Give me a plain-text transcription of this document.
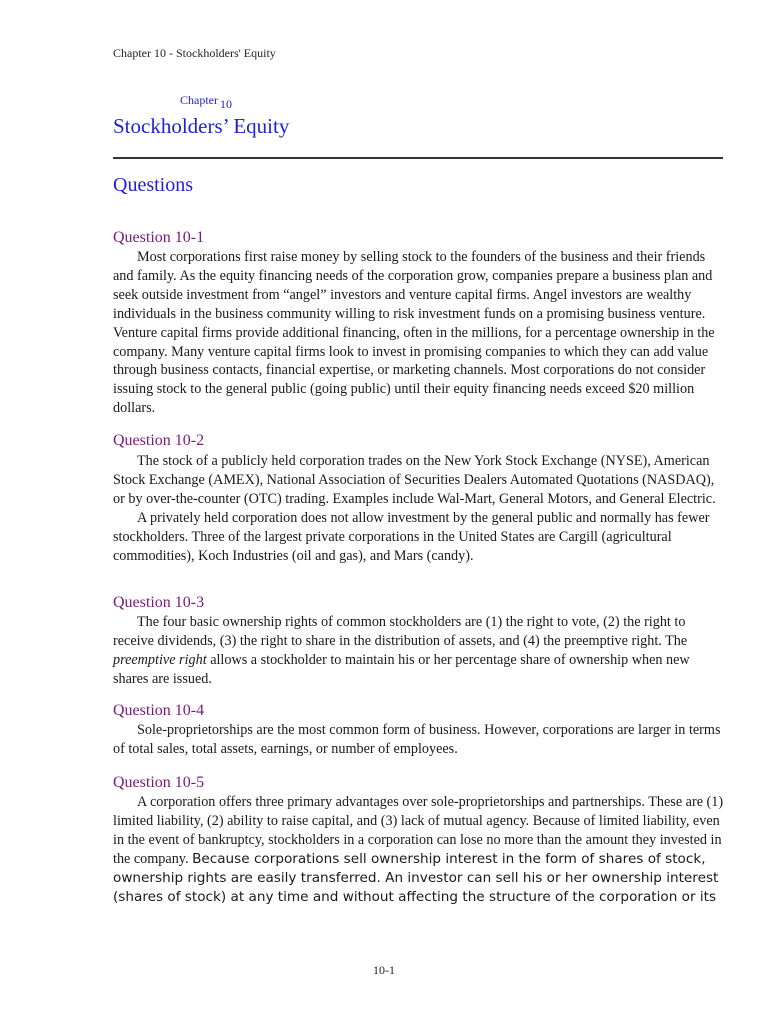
Chapter 10 - Stockholders' Equity
Chapter 10
Stockholders’ Equity
Questions
Question 10-1

Most corporations first raise money by selling stock to the founders of the business and their friends and family. As the equity financing needs of the corporation grow, companies prepare a business plan and seek outside investment from “angel” investors and venture capital firms. Angel investors are wealthy individuals in the business community willing to risk investment funds on a promising business venture. Venture capital firms provide additional financing, often in the millions, for a percentage ownership in the company. Many venture capital firms look to invest in promising companies to which they can add value through business contacts, financial expertise, or marketing channels. Most corporations do not consider issuing stock to the general public (going public) until their equity financing needs exceed $20 million dollars.

Question 10-2

The stock of a publicly held corporation trades on the New York Stock Exchange (NYSE), American Stock Exchange (AMEX), National Association of Securities Dealers Automated Quotations (NASDAQ), or by over-the-counter (OTC) trading. Examples include Wal-Mart, General Motors, and General Electric.

A privately held corporation does not allow investment by the general public and normally has fewer stockholders. Three of the largest private corporations in the United States are Cargill (agricultural commodities), Koch Industries (oil and gas), and Mars (candy).

Question 10-3

The four basic ownership rights of common stockholders are (1) the right to vote, (2) the right to receive dividends, (3) the right to share in the distribution of assets, and (4) the preemptive right. The preemptive right allows a stockholder to maintain his or her percentage share of ownership when new shares are issued.

Question 10-4

Sole-proprietorships are the most common form of business. However, corporations are larger in terms of total sales, total assets, earnings, or number of employees.

Question 10-5

A corporation offers three primary advantages over sole-proprietorships and partnerships. These are (1) limited liability, (2) ability to raise capital, and (3) lack of mutual agency. Because of limited liability, even in the event of bankruptcy, stockholders in a corporation can lose no more than the amount they invested in the company. Because corporations sell ownership interest in the form of shares of stock, ownership rights are easily transferred. An investor can sell his or her ownership interest (shares of stock) at any time and without affecting the structure of the corporation or its

10-1
